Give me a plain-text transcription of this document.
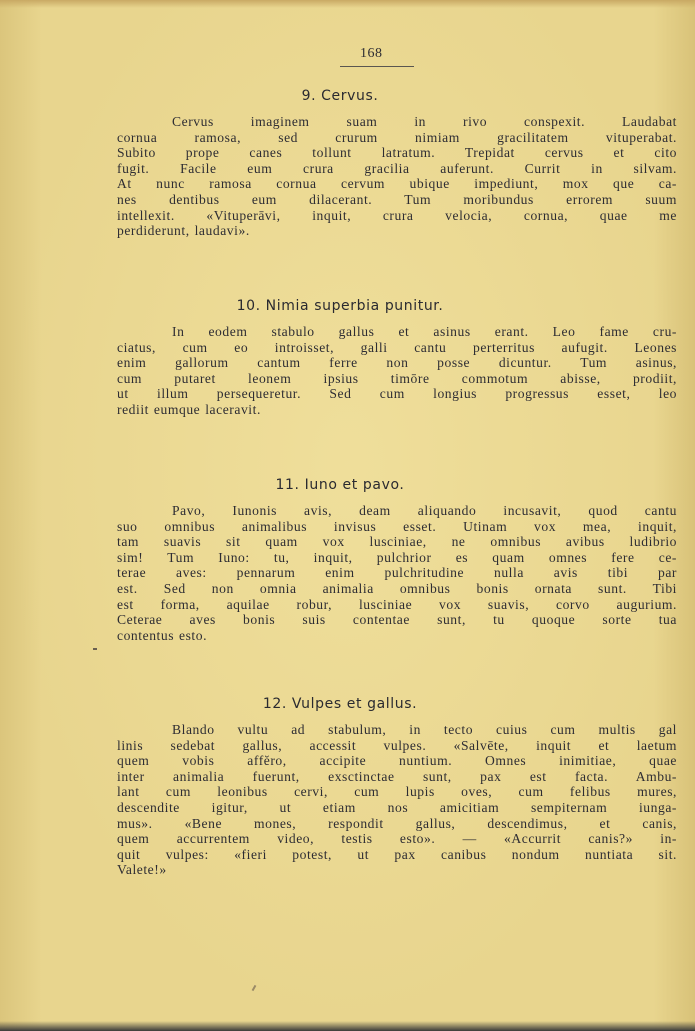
168
9. Cervus.
Cervus imaginem suam in rivo conspexit. Laudabat
cornua ramosa, sed crurum nimiam gracilitatem vituperabat.
Subito prope canes tollunt latratum. Trepidat cervus et cito
fugit. Facile eum crura gracilia auferunt. Currit in silvam.
At nunc ramosa cornua cervum ubique impediunt, mox que ca-
nes dentibus eum dilacerant. Tum moribundus errorem suum
intellexit. «Vituperāvi, inquit, crura velocia, cornua, quae me
perdiderunt, laudavi».
10. Nimia superbia punitur.
In eodem stabulo gallus et asinus erant. Leo fame cru-
ciatus, cum eo introisset, galli cantu perterritus aufugit. Leones
enim gallorum cantum ferre non posse dicuntur. Tum asinus,
cum putaret leonem ipsius timōre commotum abisse, prodiit,
ut illum persequeretur. Sed cum longius progressus esset, leo
rediit eumque laceravit.
11. Iuno et pavo.
Pavo, Iunonis avis, deam aliquando incusavit, quod cantu
suo omnibus animalibus invisus esset. Utinam vox mea, inquit,
tam suavis sit quam vox lusciniae, ne omnibus avibus ludibrio
sim! Tum Iuno: tu, inquit, pulchrior es quam omnes fere ce-
terae aves: pennarum enim pulchritudine nulla avis tibi par
est. Sed non omnia animalia omnibus bonis ornata sunt. Tibi
est forma, aquilae robur, lusciniae vox suavis, corvo augurium.
Ceterae aves bonis suis contentae sunt, tu quoque sorte tua
contentus esto.
12. Vulpes et gallus.
Blando vultu ad stabulum, in tecto cuius cum multis gal
linis sedebat gallus, accessit vulpes. «Salvēte, inquit et laetum
quem vobis affĕro, accipite nuntium. Omnes inimitiae, quae
inter animalia fuerunt, exsctinctae sunt, pax est facta. Ambu-
lant cum leonibus cervi, cum lupis oves, cum felibus mures,
descendite igitur, ut etiam nos amicitiam sempiternam iunga-
mus». «Bene mones, respondit gallus, descendimus, et canis,
quem accurrentem video, testis esto». — «Accurrit canis?» in-
quit vulpes: «fieri potest, ut pax canibus nondum nuntiata sit.
Valete!»
